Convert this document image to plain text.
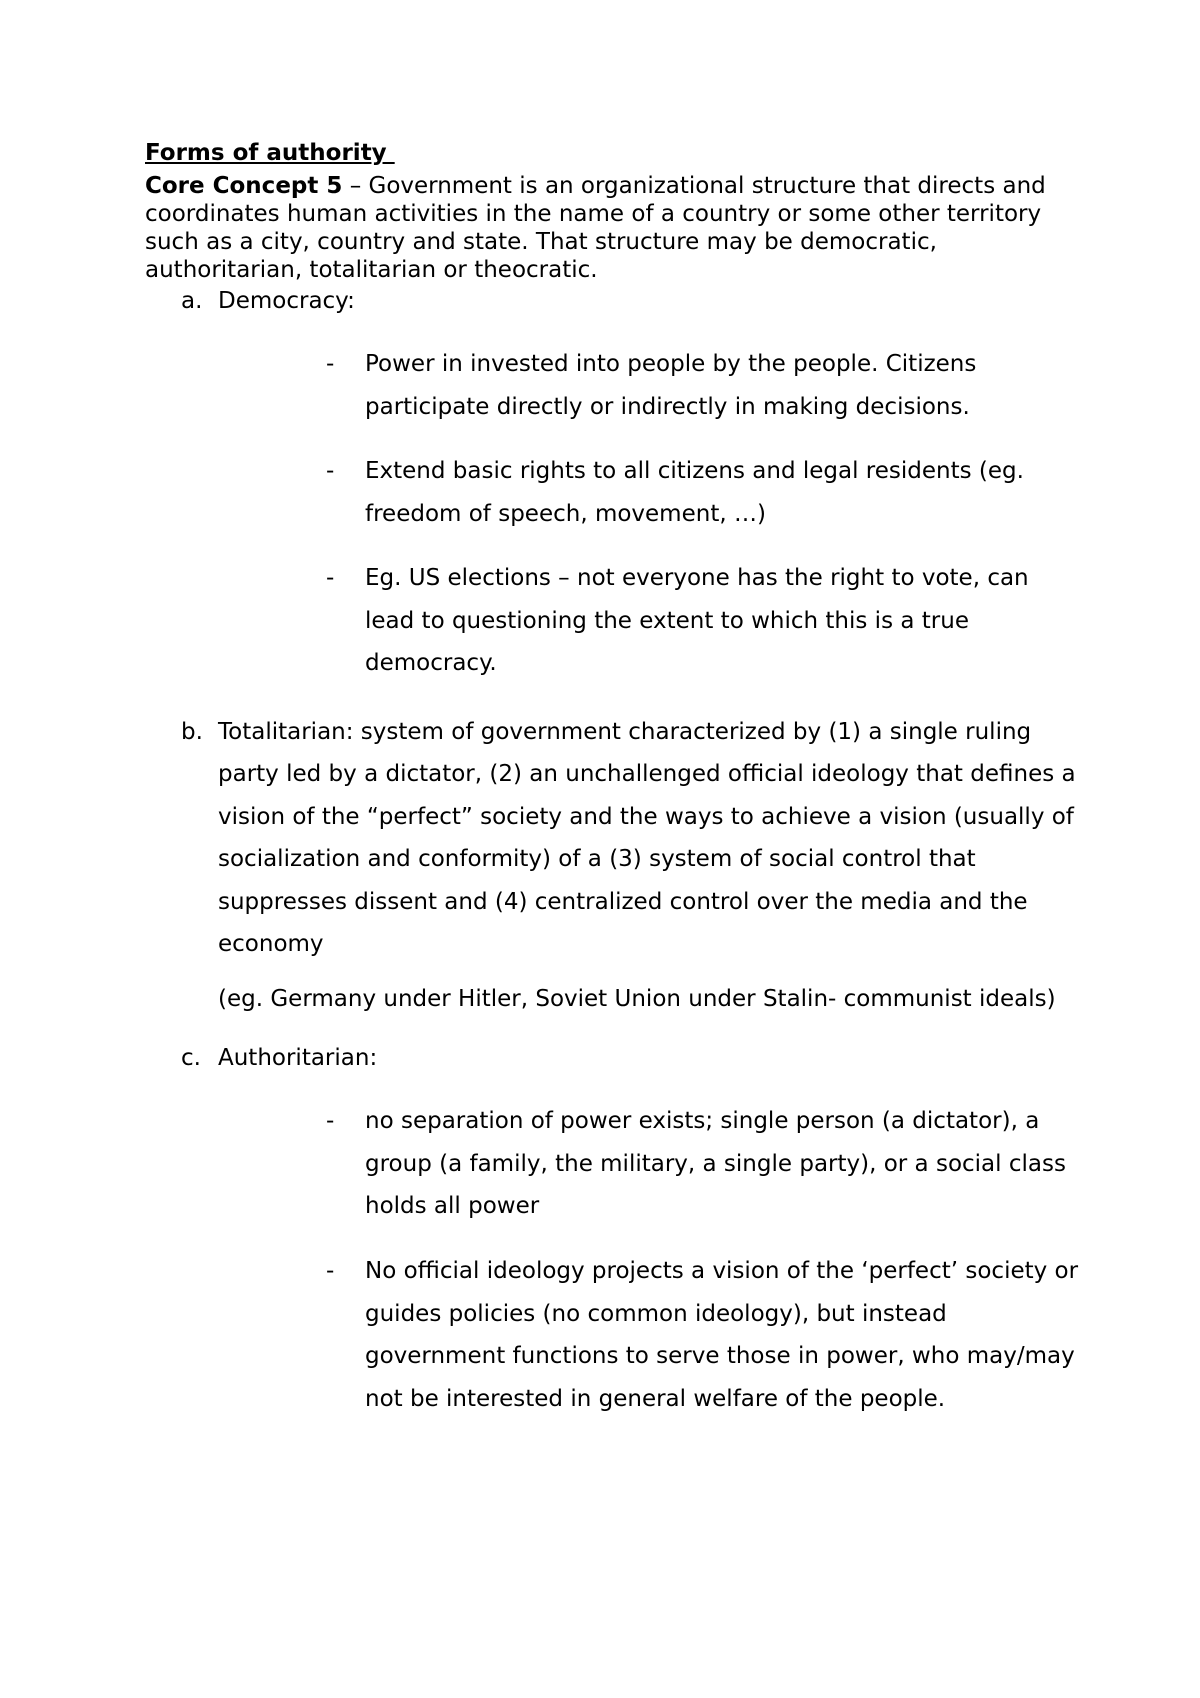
Forms of authority
Core Concept 5 – Government is an organizational structure that directs and coordinates human activities in the name of a country or some other territory such as a city, country and state. That structure may be democratic, authoritarian, totalitarian or theocratic.
a. Democracy:
- Power in invested into people by the people. Citizens participate directly or indirectly in making decisions.
- Extend basic rights to all citizens and legal residents (eg. freedom of speech, movement, …)
- Eg. US elections – not everyone has the right to vote, can lead to questioning the extent to which this is a true democracy.
b. Totalitarian: system of government characterized by (1) a single ruling party led by a dictator, (2) an unchallenged official ideology that defines a vision of the “perfect” society and the ways to achieve a vision (usually of socialization and conformity) of a (3) system of social control that suppresses dissent and (4) centralized control over the media and the economy
(eg. Germany under Hitler, Soviet Union under Stalin- communist ideals)
c. Authoritarian:
- no separation of power exists; single person (a dictator), a group (a family, the military, a single party), or a social class holds all power
- No official ideology projects a vision of the ‘perfect’ society or guides policies (no common ideology), but instead government functions to serve those in power, who may/may not be interested in general welfare of the people.
